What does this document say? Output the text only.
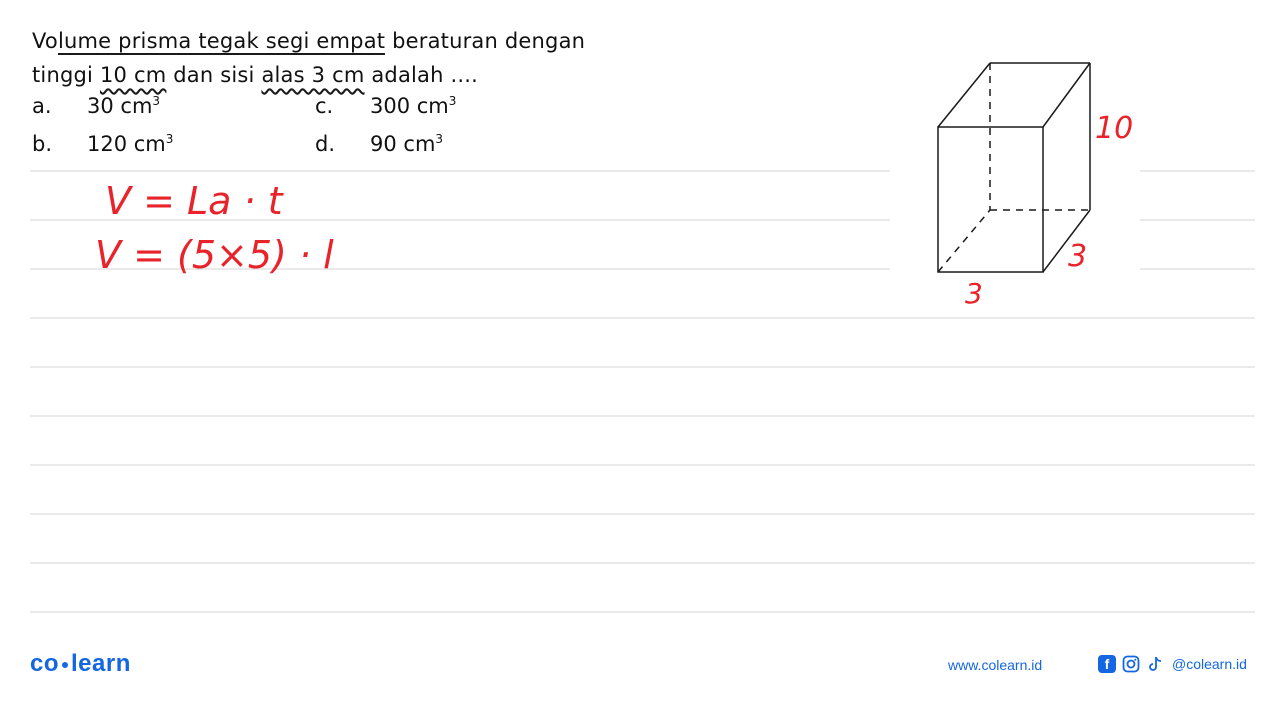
Volume prisma tegak segi empat beraturan dengan
tinggi 10 cm dan sisi alas 3 cm adalah ....
a. 30 $cm^3$	c. 300 $cm^3$
b. 120 $cm^3$	d. 90 $cm^3$
V = La · t
V = (5×5) · l
10
3
3
co learn	www.colearn.id	f	@colearn.id
